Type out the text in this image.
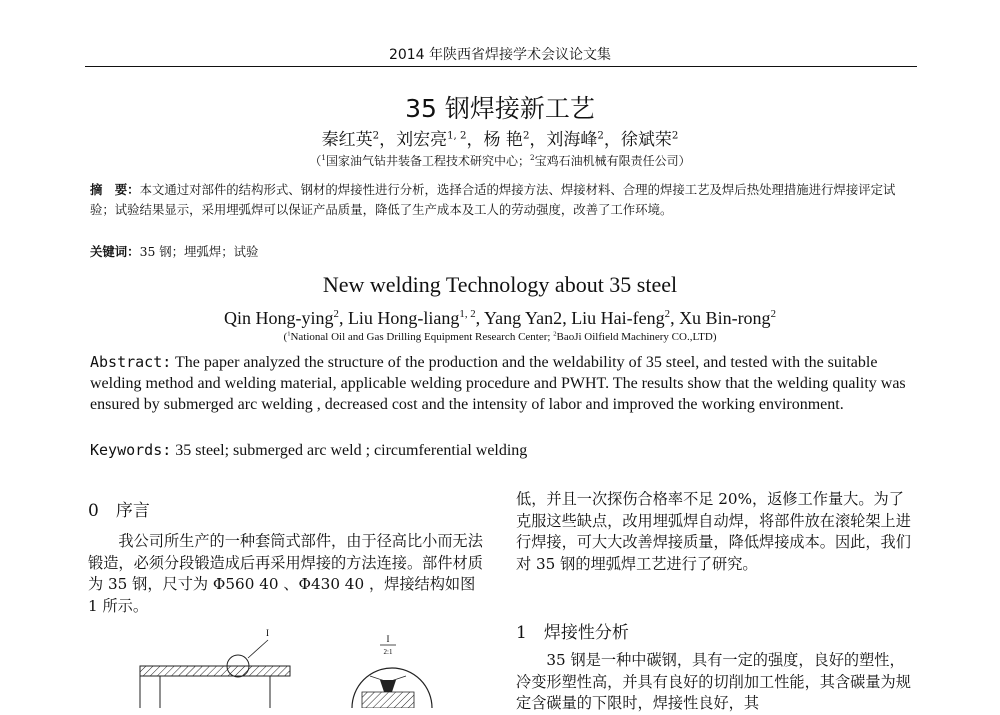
2014 年陕西省焊接学术会议论文集
35 钢焊接新工艺
秦红英$^2$，刘宏亮$^{1, 2}$，杨 艳$^2$，刘海峰$^2$，徐斌荣$^2$
（$^1$国家油气钻井装备工程技术研究中心；$^2$宝鸡石油机械有限责任公司）
摘　要：本文通过对部件的结构形式、钢材的焊接性进行分析，选择合适的焊接方法、焊接材料、合理的焊接工艺及焊后热处理措施进行焊接评定试验；试验结果显示，采用埋弧焊可以保证产品质量，降低了生产成本及工人的劳动强度，改善了工作环境。
关键词：35 钢；埋弧焊；试验
New welding Technology about 35 steel
Qin Hong-ying$^2$, Liu Hong-liang$^{1, 2}$, Yang Yan2, Liu Hai-feng$^2$, Xu Bin-rong$^2$
($^1$National Oil and Gas Drilling Equipment Research Center; $^2$BaoJi Oilfield Machinery CO.,LTD)
Abstract: The paper analyzed the structure of the production and the weldability of 35 steel, and tested with the suitable welding method and welding material, applicable welding procedure and PWHT. The results show that the welding quality was ensured by submerged arc welding , decreased cost and the intensity of labor and improved the working environment.
Keywords: 35 steel; submerged arc weld ; circumferential welding
0　序言

　　我公司所生产的一种套筒式部件，由于径高比小而无法锻造，必须分段锻造成后再采用焊接的方法连接。部件材质为 35 钢，尺寸为 Φ560 40 、Φ430 40 ，焊接结构如图 1 所示。

低，并且一次探伤合格率不足 20%，返修工作量大。为了克服这些缺点，改用埋弧焊自动焊，将部件放在滚轮架上进行焊接，可大大改善焊接质量，降低焊接成本。因此，我们对 35 钢的埋弧焊工艺进行了研究。

1　焊接性分析

　　35 钢是一种中碳钢，具有一定的强度，良好的塑性，冷变形塑性高，并具有良好的切削加工性能，其含碳量为规定含碳量的下限时，焊接性良好，其

I
I
2:1
